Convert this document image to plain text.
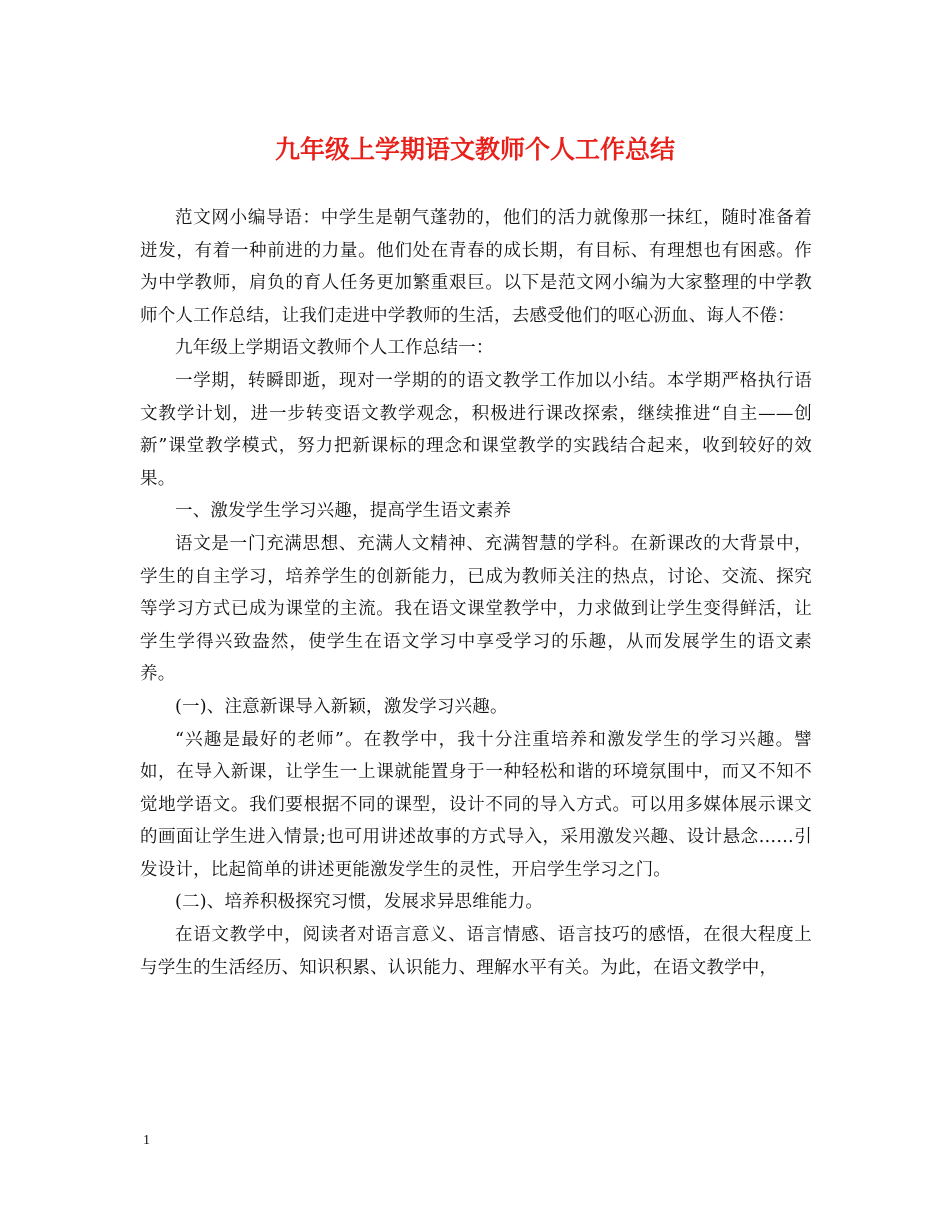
九年级上学期语文教师个人工作总结

范文网小编导语：中学生是朝气蓬勃的，他们的活力就像那一抹红，随时准备着迸发，有着一种前进的力量。他们处在青春的成长期，有目标、有理想也有困惑。作为中学教师，肩负的育人任务更加繁重艰巨。以下是范文网小编为大家整理的中学教师个人工作总结，让我们走进中学教师的生活，去感受他们的呕心沥血、诲人不倦：

九年级上学期语文教师个人工作总结一：

一学期，转瞬即逝，现对一学期的的语文教学工作加以小结。本学期严格执行语文教学计划，进一步转变语文教学观念，积极进行课改探索，继续推进“自主——创新”课堂教学模式，努力把新课标的理念和课堂教学的实践结合起来，收到较好的效果。

一、激发学生学习兴趣，提高学生语文素养

语文是一门充满思想、充满人文精神、充满智慧的学科。在新课改的大背景中，学生的自主学习，培养学生的创新能力，已成为教师关注的热点，讨论、交流、探究等学习方式已成为课堂的主流。我在语文课堂教学中，力求做到让学生变得鲜活，让学生学得兴致盎然，使学生在语文学习中享受学习的乐趣，从而发展学生的语文素养。

(一)、注意新课导入新颖，激发学习兴趣。

“兴趣是最好的老师”。在教学中，我十分注重培养和激发学生的学习兴趣。譬如，在导入新课，让学生一上课就能置身于一种轻松和谐的环境氛围中，而又不知不觉地学语文。我们要根据不同的课型，设计不同的导入方式。可以用多媒体展示课文的画面让学生进入情景;也可用讲述故事的方式导入，采用激发兴趣、设计悬念……引发设计，比起简单的讲述更能激发学生的灵性，开启学生学习之门。

(二)、培养积极探究习惯，发展求异思维能力。

在语文教学中，阅读者对语言意义、语言情感、语言技巧的感悟，在很大程度上与学生的生活经历、知识积累、认识能力、理解水平有关。为此，在语文教学中，

1
